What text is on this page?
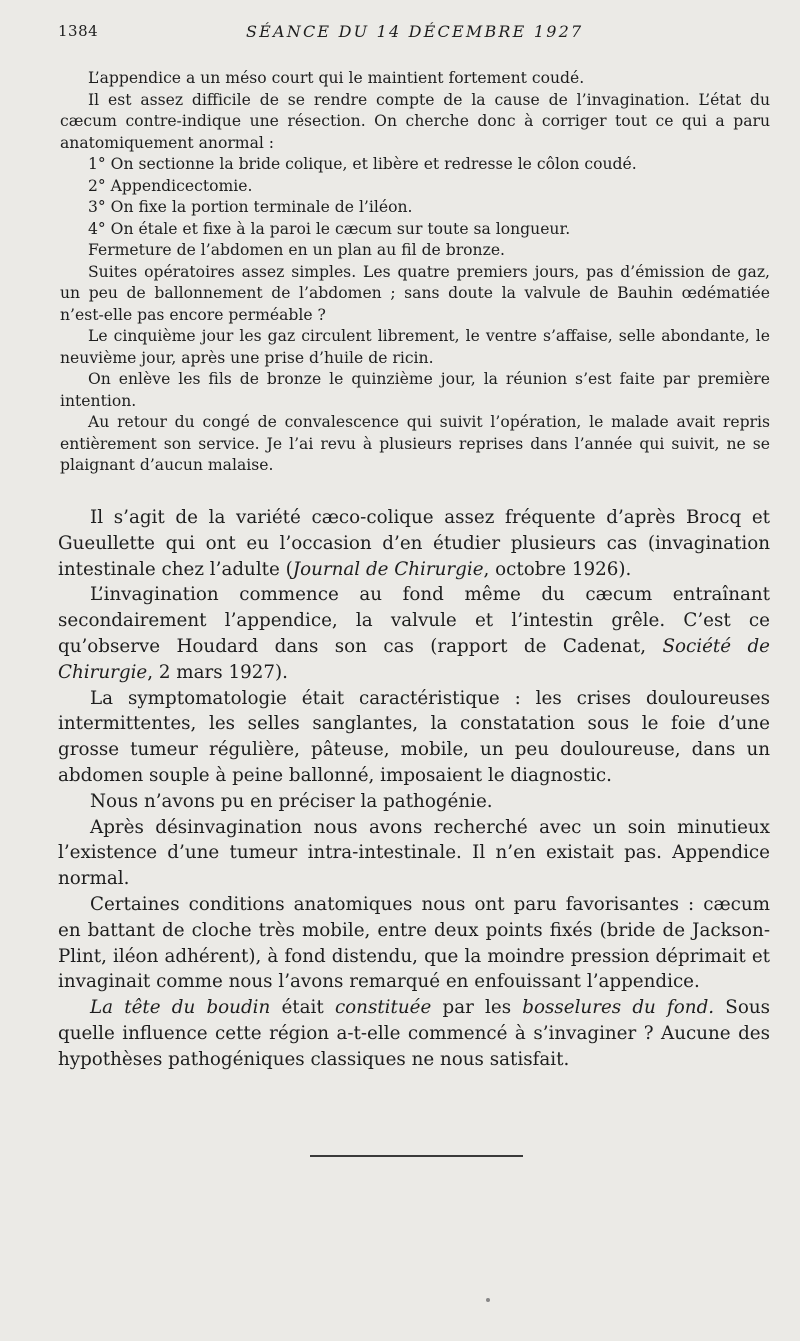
1384	SÉANCE DU 14 DÉCEMBRE 1927

L’appendice a un méso court qui le maintient fortement coudé.

Il est assez difficile de se rendre compte de la cause de l’invagination. L’état du cæcum contre-indique une résection. On cherche donc à corriger tout ce qui a paru anatomiquement anormal :

1° On sectionne la bride colique, et libère et redresse le côlon coudé.

2° Appendicectomie.

3° On fixe la portion terminale de l’iléon.

4° On étale et fixe à la paroi le cæcum sur toute sa longueur.

Fermeture de l’abdomen en un plan au fil de bronze.

Suites opératoires assez simples. Les quatre premiers jours, pas d’émission de gaz, un peu de ballonnement de l’abdomen ; sans doute la valvule de Bauhin œdématiée n’est-elle pas encore perméable ?

Le cinquième jour les gaz circulent librement, le ventre s’affaise, selle abondante, le neuvième jour, après une prise d’huile de ricin.

On enlève les fils de bronze le quinzième jour, la réunion s’est faite par première intention.

Au retour du congé de convalescence qui suivit l’opération, le malade avait repris entièrement son service. Je l’ai revu à plusieurs reprises dans l’année qui suivit, ne se plaignant d’aucun malaise.

Il s’agit de la variété cæco-colique assez fréquente d’après Brocq et Gueullette qui ont eu l’occasion d’en étudier plusieurs cas (invagination intestinale chez l’adulte (Journal de Chirurgie, octobre 1926).

L’invagination commence au fond même du cæcum entraînant secondairement l’appendice, la valvule et l’intestin grêle. C’est ce qu’observe Houdard dans son cas (rapport de Cadenat, Société de Chirurgie, 2 mars 1927).

La symptomatologie était caractéristique : les crises douloureuses intermittentes, les selles sanglantes, la constatation sous le foie d’une grosse tumeur régulière, pâteuse, mobile, un peu douloureuse, dans un abdomen souple à peine ballonné, imposaient le diagnostic.

Nous n’avons pu en préciser la pathogénie.

Après désinvagination nous avons recherché avec un soin minutieux l’existence d’une tumeur intra-intestinale. Il n’en existait pas. Appendice normal.

Certaines conditions anatomiques nous ont paru favorisantes : cæcum en battant de cloche très mobile, entre deux points fixés (bride de Jackson-Plint, iléon adhérent), à fond distendu, que la moindre pression déprimait et invaginait comme nous l’avons remarqué en enfouissant l’appendice.

La tête du boudin était constituée par les bosselures du fond. Sous quelle influence cette région a-t-elle commencé à s’invaginer ? Aucune des hypothèses pathogéniques classiques ne nous satisfait.
